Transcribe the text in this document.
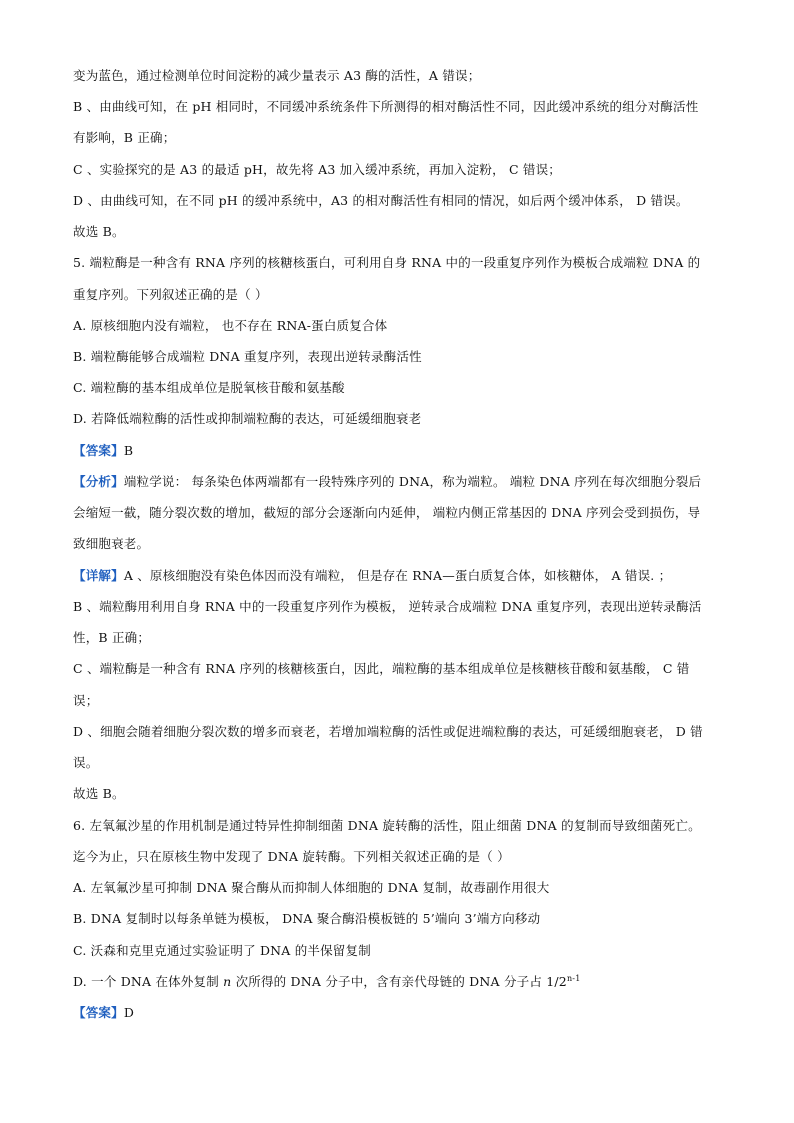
变为蓝色，通过检测单位时间淀粉的减少量表示 A3 酶的活性，A 错误；
B 、由曲线可知，在 pH 相同时，不同缓冲系统条件下所测得的相对酶活性不同，因此缓冲系统的组分对酶活性
有影响，B 正确；
C 、实验探究的是 A3 的最适 pH，故先将 A3 加入缓冲系统，再加入淀粉， C 错误；
D 、由曲线可知，在不同 pH 的缓冲系统中，A3 的相对酶活性有相同的情况，如后两个缓冲体系， D 错误。
故选 B。
5. 端粒酶是一种含有 RNA 序列的核糖核蛋白，可利用自身 RNA 中的一段重复序列作为模板合成端粒 DNA 的
重复序列。下列叙述正确的是（ ）
A. 原核细胞内没有端粒， 也不存在 RNA-蛋白质复合体
B. 端粒酶能够合成端粒 DNA 重复序列，表现出逆转录酶活性
C. 端粒酶的基本组成单位是脱氧核苷酸和氨基酸
D. 若降低端粒酶的活性或抑制端粒酶的表达，可延缓细胞衰老
【答案】B
【分析】端粒学说： 每条染色体两端都有一段特殊序列的 DNA，称为端粒。 端粒 DNA 序列在每次细胞分裂后
会缩短一截，随分裂次数的增加，截短的部分会逐渐向内延伸， 端粒内侧正常基因的 DNA 序列会受到损伤，导
致细胞衰老。
【详解】A 、原核细胞没有染色体因而没有端粒， 但是存在 RNA—蛋白质复合体，如核糖体， A 错误. ；
B 、端粒酶用利用自身 RNA 中的一段重复序列作为模板， 逆转录合成端粒 DNA 重复序列，表现出逆转录酶活
性，B 正确；
C 、端粒酶是一种含有 RNA 序列的核糖核蛋白，因此，端粒酶的基本组成单位是核糖核苷酸和氨基酸， C 错
误；
D 、细胞会随着细胞分裂次数的增多而衰老，若增加端粒酶的活性或促进端粒酶的表达，可延缓细胞衰老， D 错
误。
故选 B。
6. 左氧氟沙星的作用机制是通过特异性抑制细菌 DNA 旋转酶的活性，阻止细菌 DNA 的复制而导致细菌死亡。
迄今为止，只在原核生物中发现了 DNA 旋转酶。下列相关叙述正确的是（ ）
A. 左氧氟沙星可抑制 DNA 聚合酶从而抑制人体细胞的 DNA 复制，故毒副作用很大
B. DNA 复制时以每条单链为模板， DNA 聚合酶沿模板链的 5’端向 3’端方向移动
C. 沃森和克里克通过实验证明了 DNA 的半保留复制
D. 一个 DNA 在体外复制 n 次所得的 DNA 分子中，含有亲代母链的 DNA 分子占 1/2$^{n-1}$
【答案】D
